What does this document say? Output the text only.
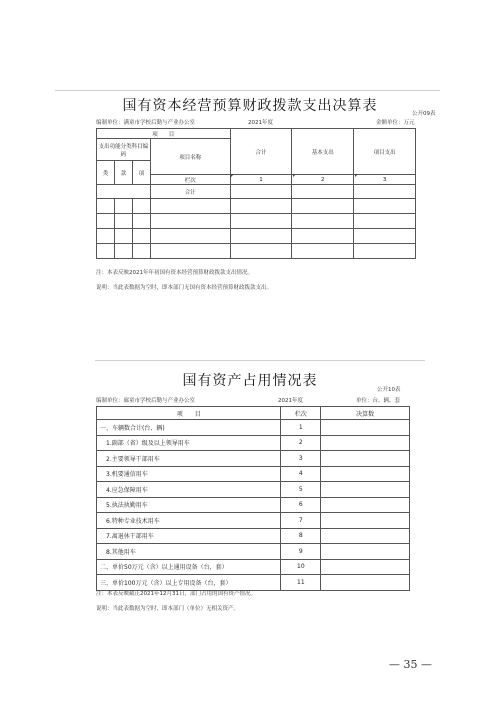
国有资本经营预算财政拨款支出决算表	公开09表
编制单位：满童市学校后勤与产业办公室	2021年度	金额单位：万元
项　　目				合计	基本支出	项目支出
支出功能分类科目编码			项目名称			
类	款	项				
			栏次	1	2	3
			合计			

注：本表反映2021年年初国有资本经营预算财政拨款支出情况。
说明：当此表数据为空时，即本部门无国有资本经营预算财政拨款支出。
国有资产占用情况表
公开10表
编制单位：廊童市学校后勤与产业办公室	2021年度	单位：台、辆、套
项　　目	栏次	决算数
一、车辆数合计(台、辆)	1	
　1.副部（省）级及以上领导用车	2	
　2.主要领导干部用车	3	
　3.机要通信用车	4	
　4.应急保障用车	5	
　5.执法执勤用车	6	
　6.特种专业技术用车	7	
　7.离退休干部用车	8	
　8.其他用车	9	
二、单价50万元（含）以上通用设备（台，套）	10	
三、单价100万元（含）以上专用设备（台，套）	11	
注：本表反映截止2021年12月31日，部门占用的国有资产情况。
说明：当此表数据为空时，即本部门（单位）无相关资产。
— 35 —
